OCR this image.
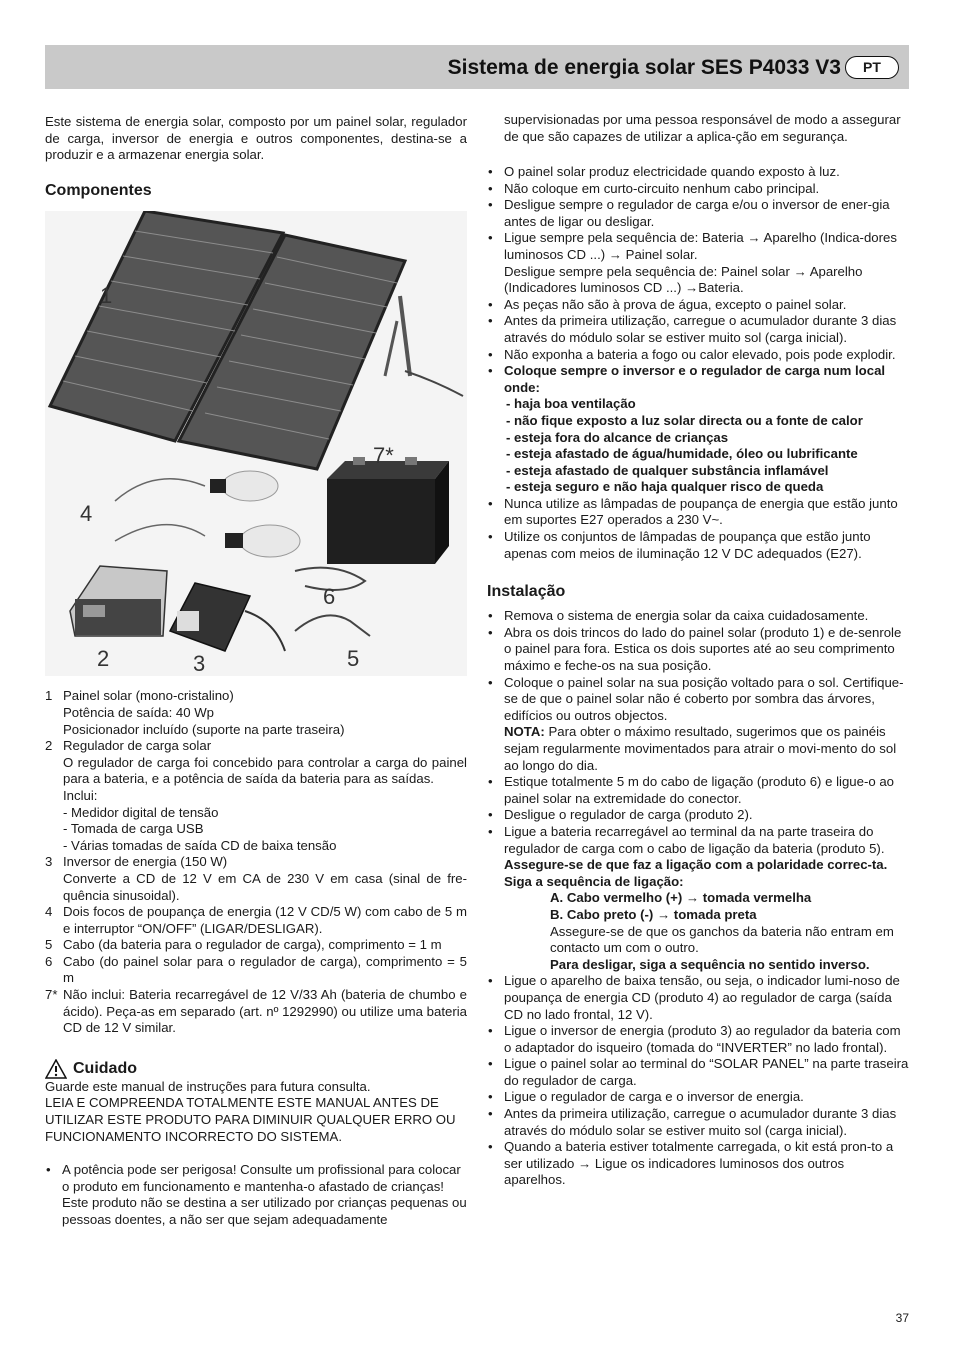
Sistema de energia solar SES P4033 V3	PT

Este sistema de energia solar, composto por um painel solar, regulador de carga, inversor de energia e outros componentes, destina-se a produzir e a armazenar energia solar.

Componentes
1
2	3
4
5
6
7*
1 Painel solar (mono-cristalino)
Potência de saída: 40 Wp
Posicionador incluído (suporte na parte traseira)
2 Regulador de carga solar
O regulador de carga foi concebido para controlar a carga do painel para a bateria, e a potência de saída da bateria para as saídas.
Inclui:
- Medidor digital de tensão
- Tomada de carga USB
- Várias tomadas de saída CD de baixa tensão
3 Inversor de energia (150 W)
Converte a CD de 12 V em CA de 230 V em casa (sinal de fre-quência sinusoidal).
4 Dois focos de poupança de energia (12 V CD/5 W) com cabo de 5 m e interruptor “ON/OFF” (LIGAR/DESLIGAR).
5 Cabo (da bateria para o regulador de carga), comprimento = 1 m
6 Cabo (do painel solar para o regulador de carga), comprimento = 5 m
7* Não inclui: Bateria recarregável de 12 V/33 Ah (bateria de chumbo e ácido). Peça-as em separado (art. nº 1292990) ou utilize uma bateria CD de 12 V similar.
Cuidado

Guarde este manual de instruções para futura consulta.

LEIA E COMPREENDA TOTALMENTE ESTE MANUAL ANTES DE UTILIZAR ESTE PRODUTO PARA DIMINUIR QUALQUER ERRO OU FUNCIONAMENTO INCORRECTO DO SISTEMA.

• A potência pode ser perigosa! Consulte um profissional para colocar o produto em funcionamento e mantenha-o afastado de crianças! Este produto não se destina a ser utilizado por crianças pequenas ou pessoas doentes, a não ser que sejam adequadamente
supervisionadas por uma pessoa responsável de modo a assegurar de que são capazes de utilizar a aplica-ção em segurança.
• O painel solar produz electricidade quando exposto à luz.
• Não coloque em curto-circuito nenhum cabo principal.
• Desligue sempre o regulador de carga e/ou o inversor de ener-gia antes de ligar ou desligar.
• Ligue sempre pela sequência de: Bateria → Aparelho (Indica-dores luminosos CD ...) → Painel solar.
Desligue sempre pela sequência de: Painel solar → Aparelho (Indicadores luminosos CD ...) →Bateria.
• As peças não são à prova de água, excepto o painel solar.
• Antes da primeira utilização, carregue o acumulador durante 3 dias através do módulo solar se estiver muito sol (carga inicial).
• Não exponha a bateria a fogo ou calor elevado, pois pode explodir.
• Coloque sempre o inversor e o regulador de carga num local onde:
- haja boa ventilação
- não fique exposto a luz solar directa ou a fonte de calor
- esteja fora do alcance de crianças
- esteja afastado de água/humidade, óleo ou lubrificante
- esteja afastado de qualquer substância inflamável
- esteja seguro e não haja qualquer risco de queda
• Nunca utilize as lâmpadas de poupança de energia que estão junto em suportes E27 operados a 230 V~.
• Utilize os conjuntos de lâmpadas de poupança que estão junto apenas com meios de iluminação 12 V DC adequados (E27).
Instalação
• Remova o sistema de energia solar da caixa cuidadosamente.
• Abra os dois trincos do lado do painel solar (produto 1) e de-senrole o painel para fora. Estica os dois suportes até ao seu comprimento máximo e feche-os na sua posição.
• Coloque o painel solar na sua posição voltado para o sol. Certifique-se de que o painel solar não é coberto por sombra das árvores, edifícios ou outros objectos.
NOTA: Para obter o máximo resultado, sugerimos que os painéis sejam regularmente movimentados para atrair o movi-mento do sol ao longo do dia.
• Estique totalmente 5 m do cabo de ligação (produto 6) e ligue-o ao painel solar na extremidade do conector.
• Desligue o regulador de carga (produto 2).
• Ligue a bateria recarregável ao terminal da na parte traseira do regulador de carga com o cabo de ligação da bateria (produto 5).
Assegure-se de que faz a ligação com a polaridade correc-ta. Siga a sequência de ligação:
A. Cabo vermelho (+) → tomada vermelha
B. Cabo preto (-) → tomada preta
Assegure-se de que os ganchos da bateria não entram em contacto um com o outro.
Para desligar, siga a sequência no sentido inverso.
• Ligue o aparelho de baixa tensão, ou seja, o indicador lumi-noso de poupança de energia CD (produto 4) ao regulador de carga (saída CD no lado frontal, 12 V).
• Ligue o inversor de energia (produto 3) ao regulador da bateria com o adaptador do isqueiro (tomada do “INVERTER” no lado frontal).
• Ligue o painel solar ao terminal do “SOLAR PANEL” na parte traseira do regulador de carga.
• Ligue o regulador de carga e o inversor de energia.
• Antes da primeira utilização, carregue o acumulador durante 3 dias através do módulo solar se estiver muito sol (carga inicial).
• Quando a bateria estiver totalmente carregada, o kit está pron-to a ser utilizado → Ligue os indicadores luminosos dos outros aparelhos.
37
